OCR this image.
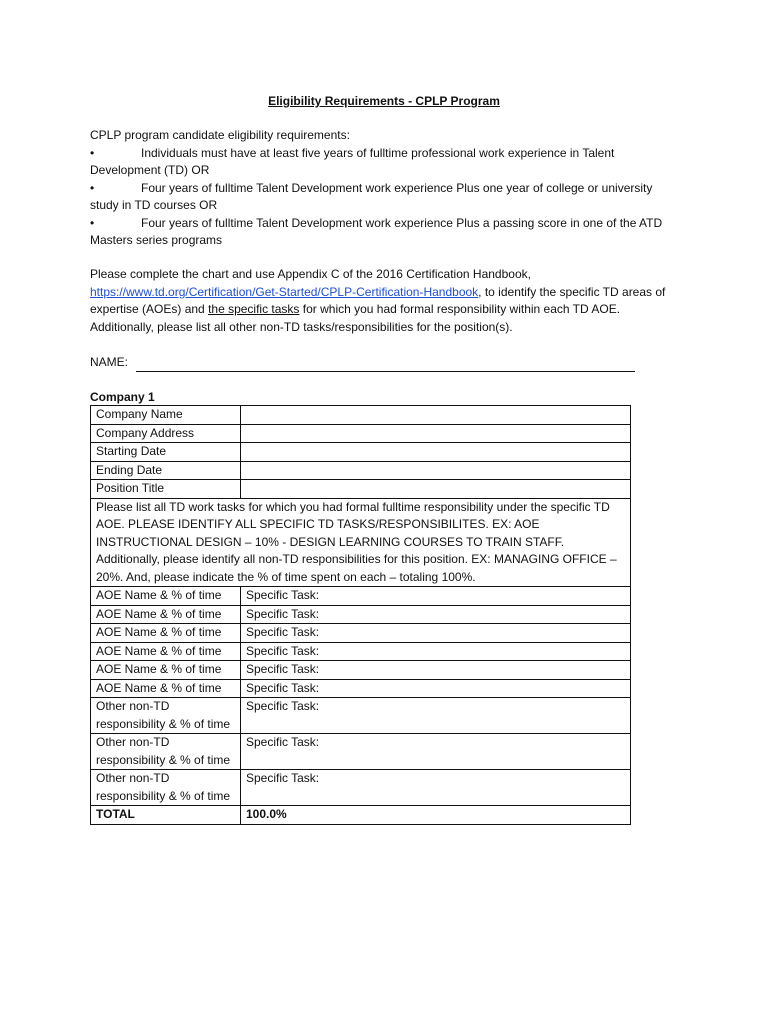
Eligibility Requirements - CPLP Program
CPLP program candidate eligibility requirements:
•	Individuals must have at least five years of fulltime professional work experience in Talent Development (TD) OR
•	Four years of fulltime Talent Development work experience Plus one year of college or university study in TD courses OR
•	Four years of fulltime Talent Development work experience Plus a passing score in one of the ATD Masters series programs
Please complete the chart and use Appendix C of the 2016 Certification Handbook, https://www.td.org/Certification/Get-Started/CPLP-Certification-Handbook, to identify the specific TD areas of expertise (AOEs) and the specific tasks for which you had formal responsibility within each TD AOE. Additionally, please list all other non-TD tasks/responsibilities for the position(s).
NAME:
Company 1
Company Name	
Company Address	
Starting Date	
Ending Date	
Position Title	
Please list all TD work tasks for which you had formal fulltime responsibility under the specific TD AOE. PLEASE IDENTIFY ALL SPECIFIC TD TASKS/RESPONSIBILITES. EX: AOE INSTRUCTIONAL DESIGN – 10% - DESIGN LEARNING COURSES TO TRAIN STAFF. Additionally, please identify all non-TD responsibilities for this position. EX: MANAGING OFFICE – 20%. And, please indicate the % of time spent on each – totaling 100%.	
AOE Name & % of time	Specific Task:
AOE Name & % of time	Specific Task:
AOE Name & % of time	Specific Task:
AOE Name & % of time	Specific Task:
AOE Name & % of time	Specific Task:
AOE Name & % of time	Specific Task:
Other non-TD responsibility & % of time	Specific Task:
Other non-TD responsibility & % of time	Specific Task:
Other non-TD responsibility & % of time	Specific Task:
TOTAL	100.0%
